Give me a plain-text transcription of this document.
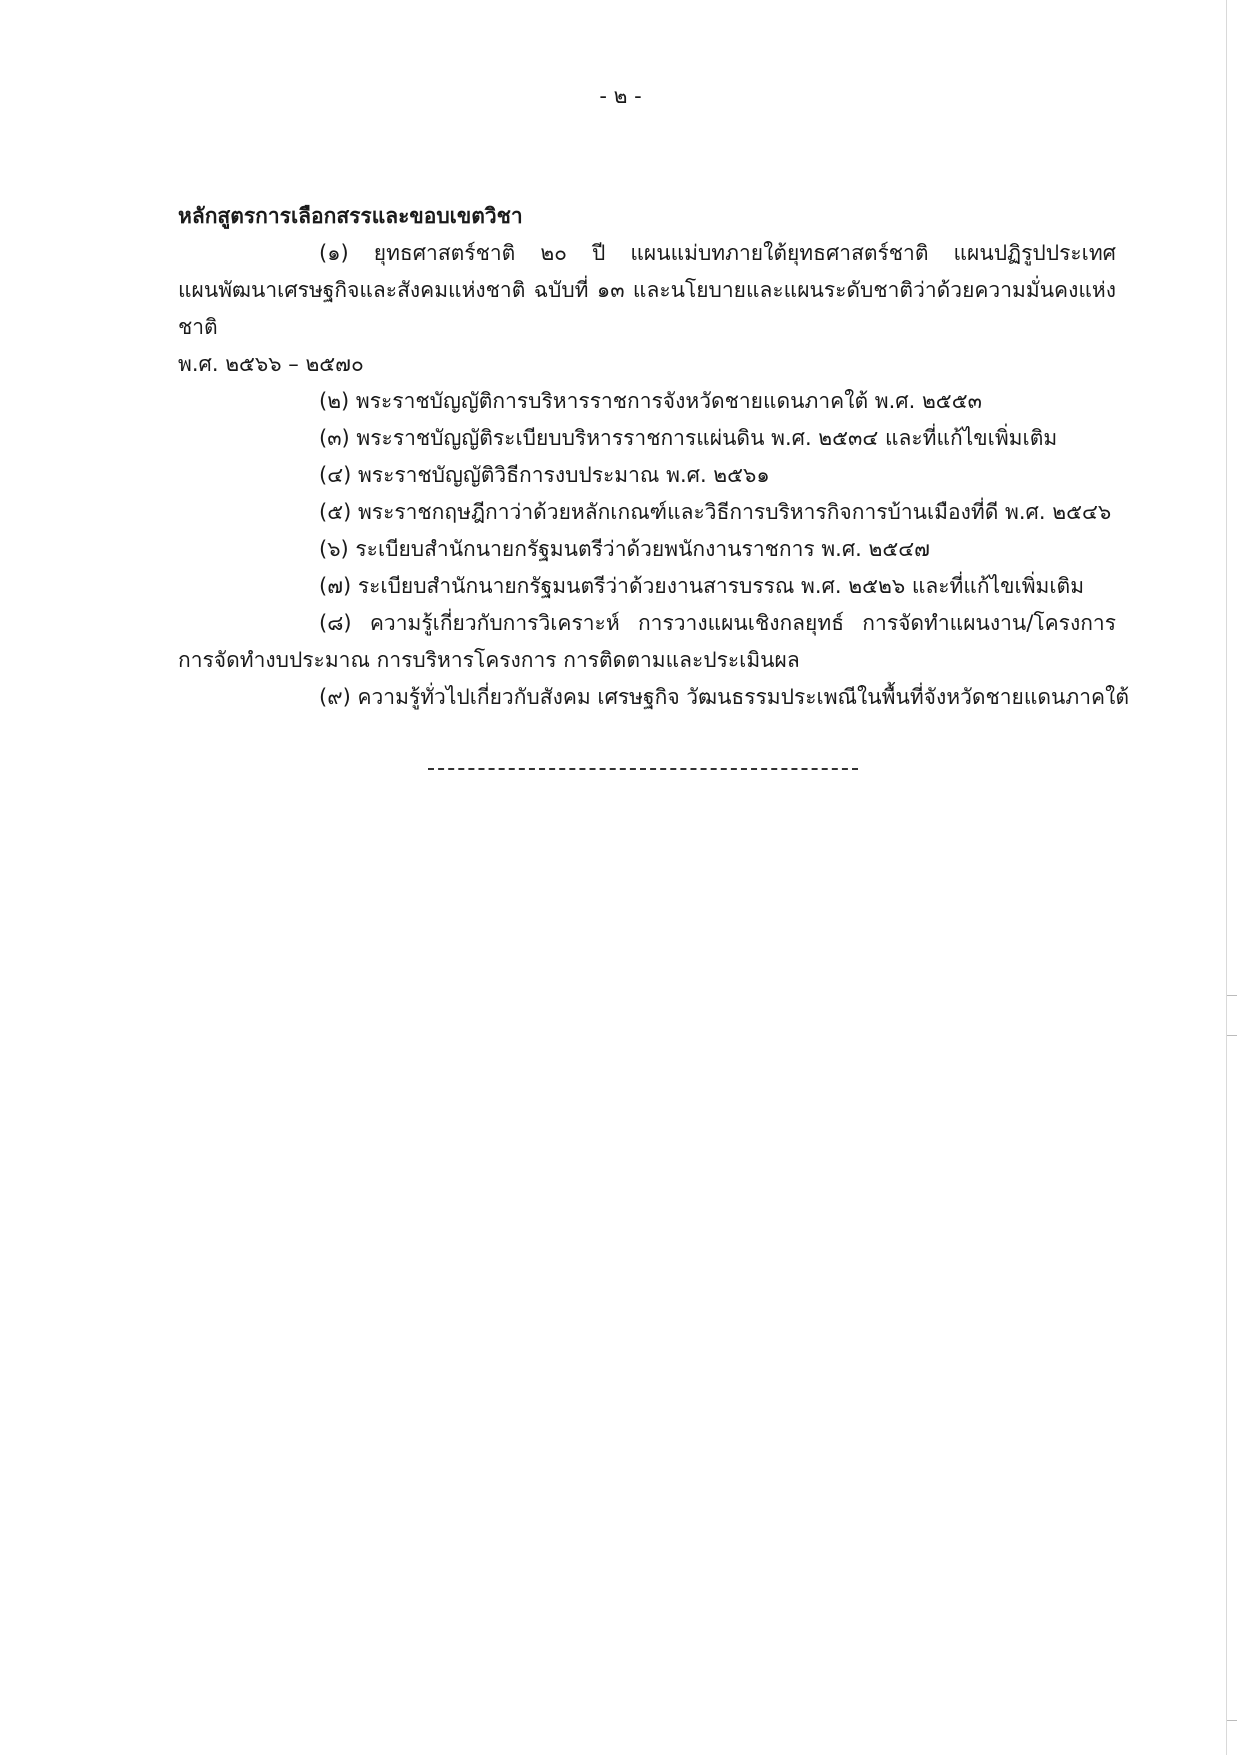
- ๒ -

หลักสูตรการเลือกสรรและขอบเขตวิชา

(๑) ยุทธศาสตร์ชาติ ๒๐ ปี แผนแม่บทภายใต้ยุทธศาสตร์ชาติ แผนปฏิรูปประเทศ
แผนพัฒนาเศรษฐกิจและสังคมแห่งชาติ ฉบับที่ ๑๓ และนโยบายและแผนระดับชาติว่าด้วยความมั่นคงแห่งชาติ
พ.ศ. ๒๕๖๖ – ๒๕๗๐
(๒) พระราชบัญญัติการบริหารราชการจังหวัดชายแดนภาคใต้ พ.ศ. ๒๕๕๓
(๓) พระราชบัญญัติระเบียบบริหารราชการแผ่นดิน พ.ศ. ๒๕๓๔ และที่แก้ไขเพิ่มเติม
(๔) พระราชบัญญัติวิธีการงบประมาณ พ.ศ. ๒๕๖๑
(๕) พระราชกฤษฎีกาว่าด้วยหลักเกณฑ์และวิธีการบริหารกิจการบ้านเมืองที่ดี พ.ศ. ๒๕๔๖
(๖) ระเบียบสำนักนายกรัฐมนตรีว่าด้วยพนักงานราชการ พ.ศ. ๒๕๔๗
(๗) ระเบียบสำนักนายกรัฐมนตรีว่าด้วยงานสารบรรณ พ.ศ. ๒๕๒๖ และที่แก้ไขเพิ่มเติม
(๘) ความรู้เกี่ยวกับการวิเคราะห์ การวางแผนเชิงกลยุทธ์ การจัดทำแผนงาน/โครงการ
การจัดทำงบประมาณ การบริหารโครงการ การติดตามและประเมินผล
(๙) ความรู้ทั่วไปเกี่ยวกับสังคม เศรษฐกิจ วัฒนธรรมประเพณีในพื้นที่จังหวัดชายแดนภาคใต้
